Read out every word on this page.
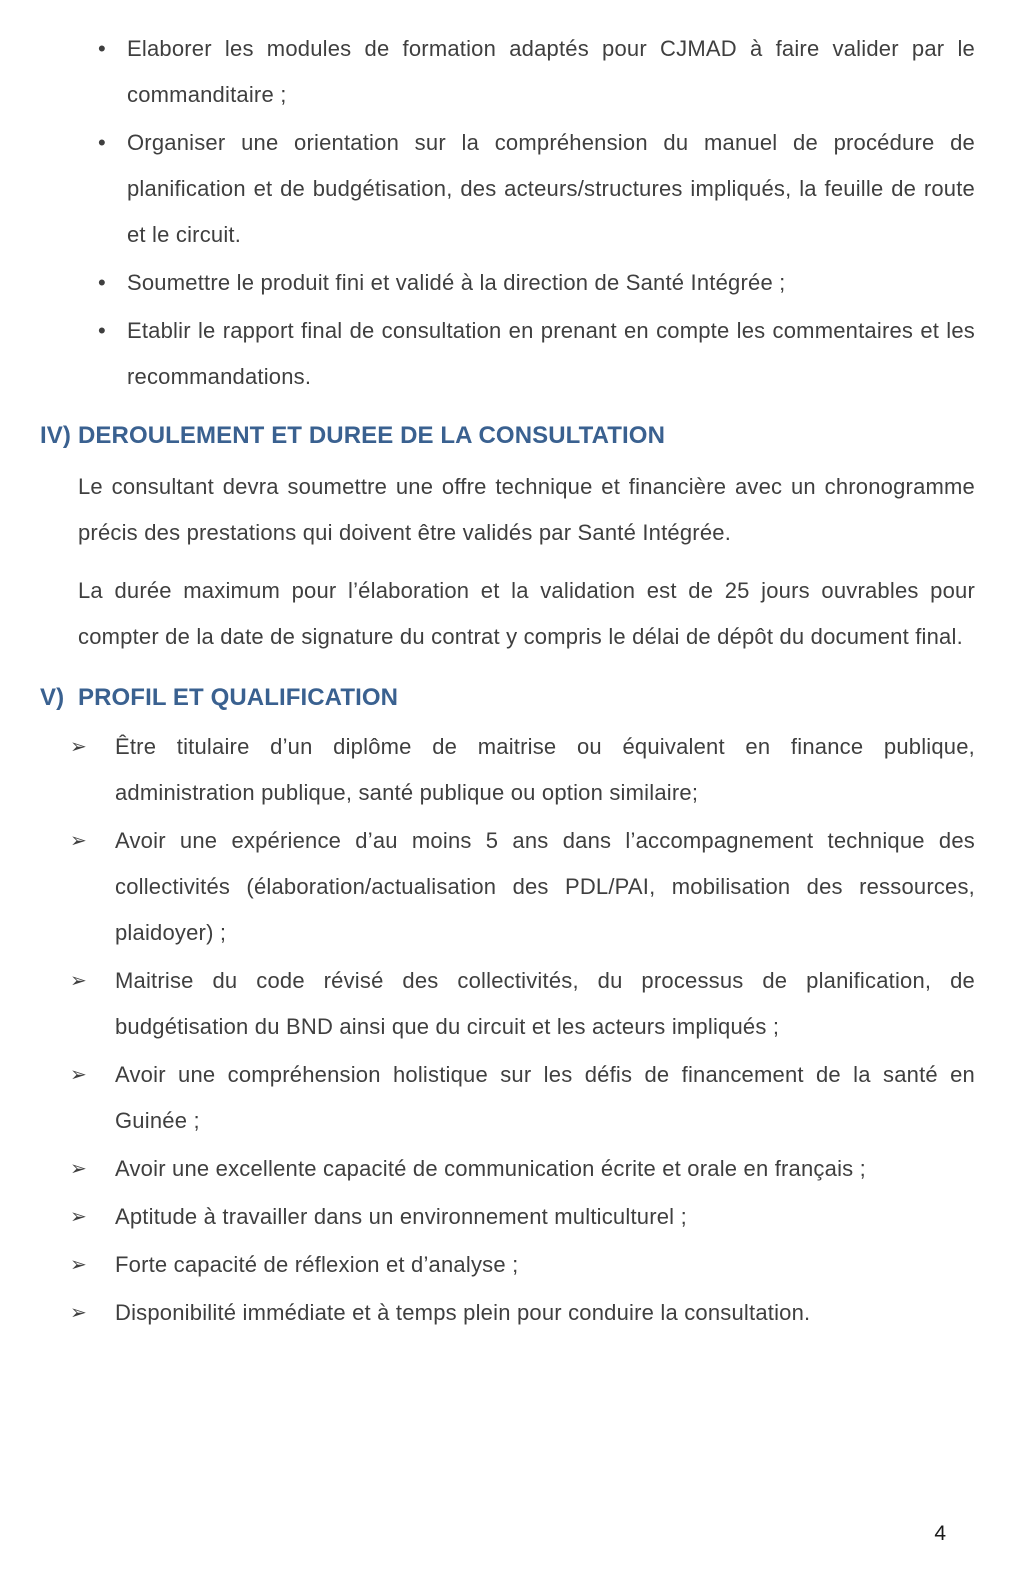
• Elaborer les modules de formation adaptés pour CJMAD à faire valider par le commanditaire ;
• Organiser une orientation sur la compréhension du manuel de procédure de planification et de budgétisation, des acteurs/structures impliqués, la feuille de route et le circuit.
• Soumettre le produit fini et validé à la direction de Santé Intégrée ;
• Etablir le rapport final de consultation en prenant en compte les commentaires et les recommandations.
IV) DEROULEMENT ET DUREE DE LA CONSULTATION

Le consultant devra soumettre une offre technique et financière avec un chronogramme précis des prestations qui doivent être validés par Santé Intégrée.

La durée maximum pour l’élaboration et la validation est de 25 jours ouvrables pour compter de la date de signature du contrat y compris le délai de dépôt du document final.

V) PROFIL ET QUALIFICATION
➢ Être titulaire d’un diplôme de maitrise ou équivalent en finance publique, administration publique, santé publique ou option similaire;
➢ Avoir une expérience d’au moins 5 ans dans l’accompagnement technique des collectivités (élaboration/actualisation des PDL/PAI, mobilisation des ressources, plaidoyer) ;
➢ Maitrise du code révisé des collectivités, du processus de planification, de budgétisation du BND ainsi que du circuit et les acteurs impliqués ;
➢ Avoir une compréhension holistique sur les défis de financement de la santé en Guinée ;
➢ Avoir une excellente capacité de communication écrite et orale en français ;
➢ Aptitude à travailler dans un environnement multiculturel ;
➢ Forte capacité de réflexion et d’analyse ;
➢ Disponibilité immédiate et à temps plein pour conduire la consultation.
4
